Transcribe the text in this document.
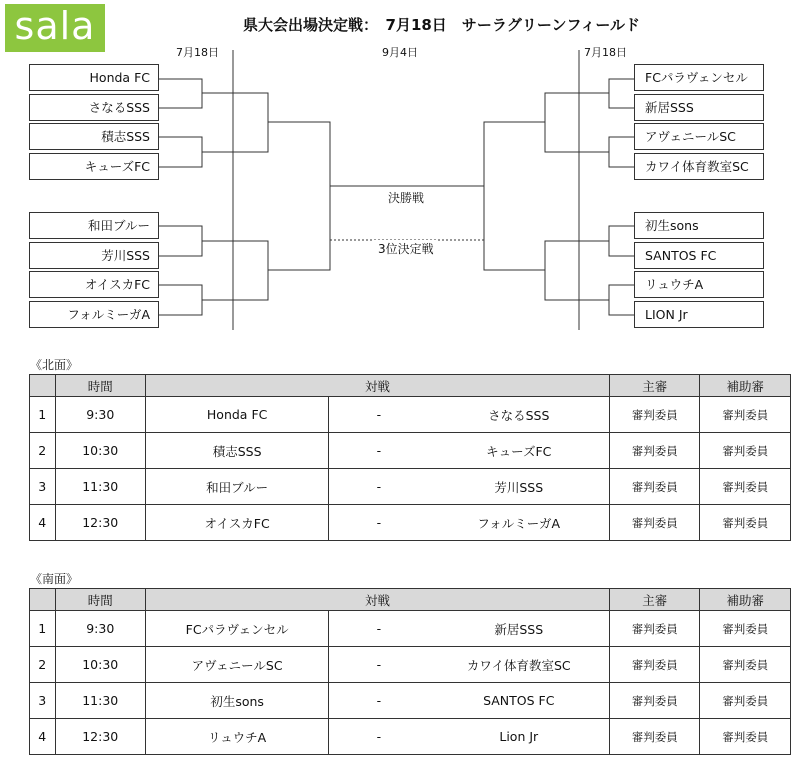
sala	県大会出場決定戦：　7月18日　サーラグリーンフィールド
7月18日	9月4日	7月18日
決勝戦
3位決定戦
Honda FC
さなるSSS
積志SSS
キューズFC
和田ブルー
芳川SSS
オイスカFC
フォルミーガA
FCパラヴェンセル
新居SSS
アヴェニールSC
カワイ体育教室SC
初生sons
SANTOS FC
リュウチA
LION Jr
《北面》
	時間	対戦			主審	補助審
1	9:30	Honda FC	-	さなるSSS	審判委員	審判委員
2	10:30	積志SSS	-	キューズFC	審判委員	審判委員
3	11:30	和田ブルー	-	芳川SSS	審判委員	審判委員
4	12:30	オイスカFC	-	フォルミーガA	審判委員	審判委員
《南面》
	時間	対戦			主審	補助審
1	9:30	FCパラヴェンセル	-	新居SSS	審判委員	審判委員
2	10:30	アヴェニールSC	-	カワイ体育教室SC	審判委員	審判委員
3	11:30	初生sons	-	SANTOS FC	審判委員	審判委員
4	12:30	リュウチA	-	Lion Jr	審判委員	審判委員
